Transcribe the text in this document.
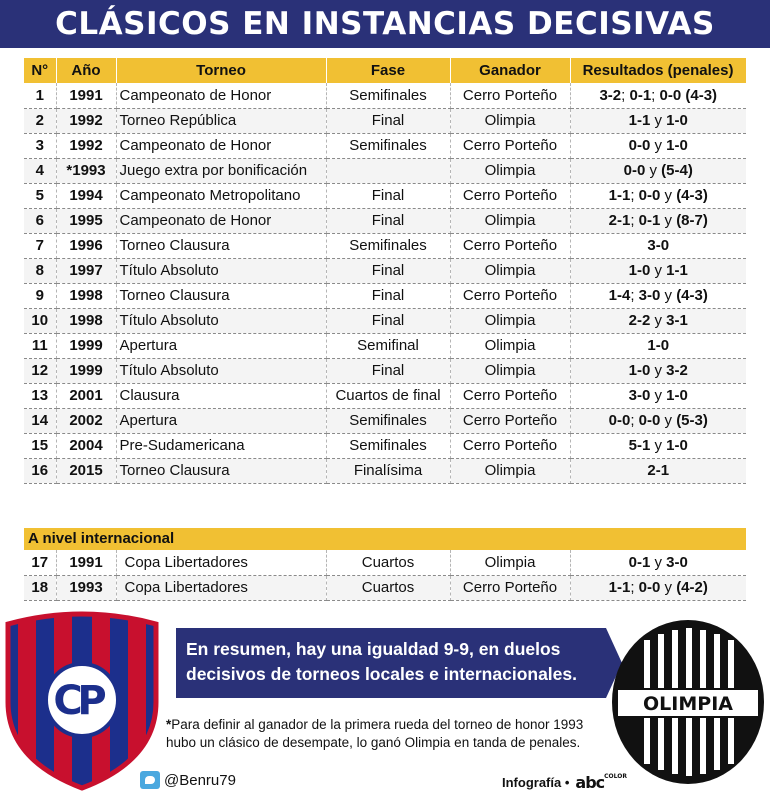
CLÁSICOS EN INSTANCIAS DECISIVAS
N°	Año	Torneo	Fase	Ganador	Resultados (penales)
1	1991	Campeonato de Honor	Semifinales	Cerro Porteño	3-2; 0-1; 0-0 (4-3)
2	1992	Torneo República	Final	Olimpia	1-1 y 1-0
3	1992	Campeonato de Honor	Semifinales	Cerro Porteño	0-0 y 1-0
4	*1993	Juego extra por bonificación		Olimpia	0-0 y (5-4)
5	1994	Campeonato Metropolitano	Final	Cerro Porteño	1-1; 0-0 y (4-3)
6	1995	Campeonato de Honor	Final	Olimpia	2-1; 0-1 y (8-7)
7	1996	Torneo Clausura	Semifinales	Cerro Porteño	3-0
8	1997	Título Absoluto	Final	Olimpia	1-0 y 1-1
9	1998	Torneo Clausura	Final	Cerro Porteño	1-4; 3-0 y (4-3)
10	1998	Título Absoluto	Final	Olimpia	2-2 y 3-1
11	1999	Apertura	Semifinal	Olimpia	1-0
12	1999	Título Absoluto	Final	Olimpia	1-0 y 3-2
13	2001	Clausura	Cuartos de final	Cerro Porteño	3-0 y 1-0
14	2002	Apertura	Semifinales	Cerro Porteño	0-0; 0-0 y (5-3)
15	2004	Pre-Sudamericana	Semifinales	Cerro Porteño	5-1 y 1-0
16	2015	Torneo Clausura	Finalísima	Olimpia	2-1
A nivel internacional
17	1991	Copa Libertadores	Cuartos	Olimpia	0-1 y 3-0
18	1993	Copa Libertadores	Cuartos	Cerro Porteño	1-1; 0-0 y (4-2)
C
P
En resumen, hay una igualdad 9-9, en duelos decisivos de torneos locales e internacionales.
*Para definir al ganador de la primera rueda del torneo de honor 1993 hubo un clásico de desempate, lo ganó Olimpia en tanda de penales.
@Benru79	Infografía • abc$^{COLOR}$
OLIMPIA
